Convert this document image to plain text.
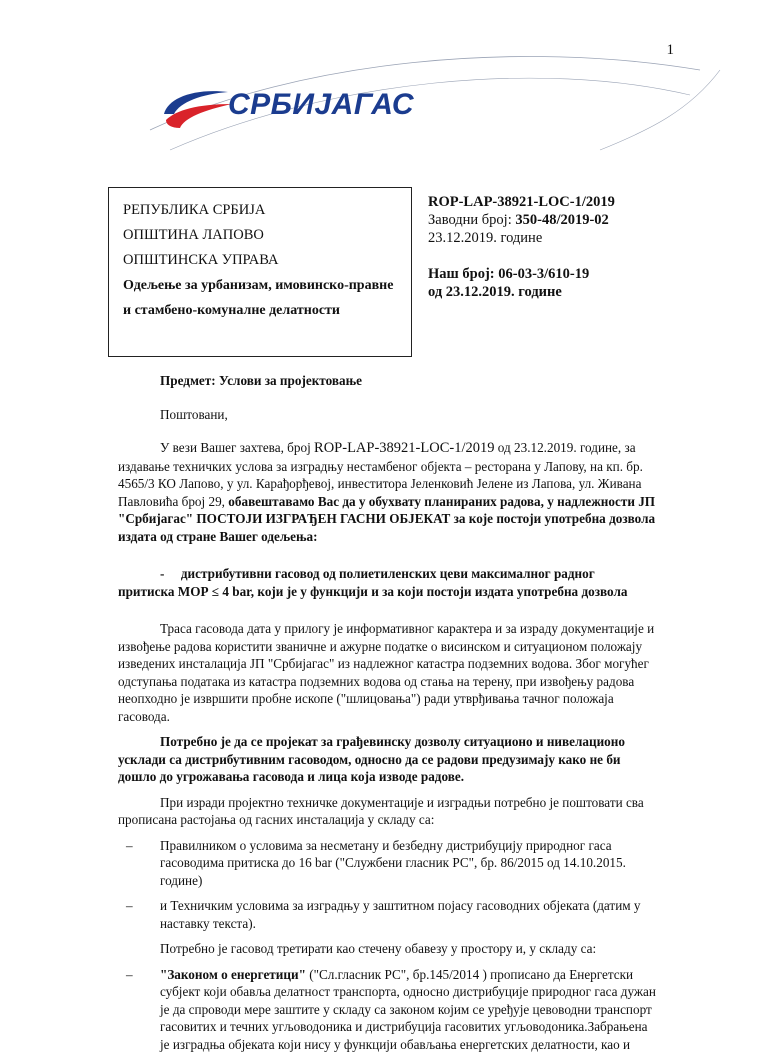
1
СРБИЈАГАС
РЕПУБЛИКА СРБИЈА
ОПШТИНА ЛАПОВО
ОПШТИНСКА УПРАВА
Одељење за урбанизам, имовинско-правне
и стамбено-комуналне делатности
ROP-LAP-38921-LOC-1/2019
Заводни број: 350-48/2019-02
23.12.2019. године
Наш број: 06-03-3/610-19
од 23.12.2019. године

Предмет: Услови за пројектовање

Поштовани,

У вези Вашег захтева, број ROP-LAP-38921-LOC-1/2019 од 23.12.2019. године, за издавање техничких услова за изградњу нестамбеног објекта – ресторана у Лапову, на кп. бр. 4565/3 КО Лапово, у ул. Карађорђевој, инвеститора Јеленковић Јелене из Лапова, ул. Живана Павловића број 29, обавештавамо Вас да у обухвату планираних радова, у надлежности ЈП "Србијагас" ПОСТОЈИ ИЗГРАЂЕН ГАСНИ ОБЈЕКАТ за које постоји употребна дозвола издата од стране Вашег одељења:

- дистрибутивни гасовод од полиетиленских цеви максималног радног

притиска МОР ≤ 4 bar, који је у функцији и за који постоји издата употребна дозвола

Траса гасовода дата у прилогу је информативног карактера и за израду документације и извођење радова користити званичне и ажурне податке о висинском и ситуационом положају изведених инсталација ЈП "Србијагас" из надлежног катастра подземних водова. Због могућег одступања података из катастра подземних водова од стања на терену, при извођењу радова неопходно је извршити пробне ископе ("шлицовања") ради утврђивања тачног положаја гасовода.

Потребно је да се пројекат за грађевинску дозволу ситуационо и нивелационо усклади са дистрибутивним гасоводом, односно да се радови предузимају како не би дошло до угрожавања гасовода и лица која изводе радове.

При изради пројектно техничке документације и изградњи потребно је поштовати сва прописана растојања од гасних инсталација у складу са:

– Правилником о условима за несметану и безбедну дистрибуцију природног гаса гасоводима притиска до 16 bar ("Службени гласник РС", бр. 86/2015 од 14.10.2015. године)
– и Техничким условима за изградњу у заштитном појасу гасоводних објеката (датим у наставку текста).

Потребно је гасовод третирати као стечену обавезу у простору и, у складу са:

– "Законом о енергетици" ("Сл.гласник РС", бр.145/2014 ) прописано да Енергетски субјект који обавља делатност транспорта, односно дистрибуције природног гаса дужан је да спроводи мере заштите у складу са законом којим се уређује цевоводни транспорт гасовитих и течних угљоводоника и дистрибуција гасовитих угљоводоника.Забрањена је изградња објеката који нису у функцији обављања енергетских делатности, као и
